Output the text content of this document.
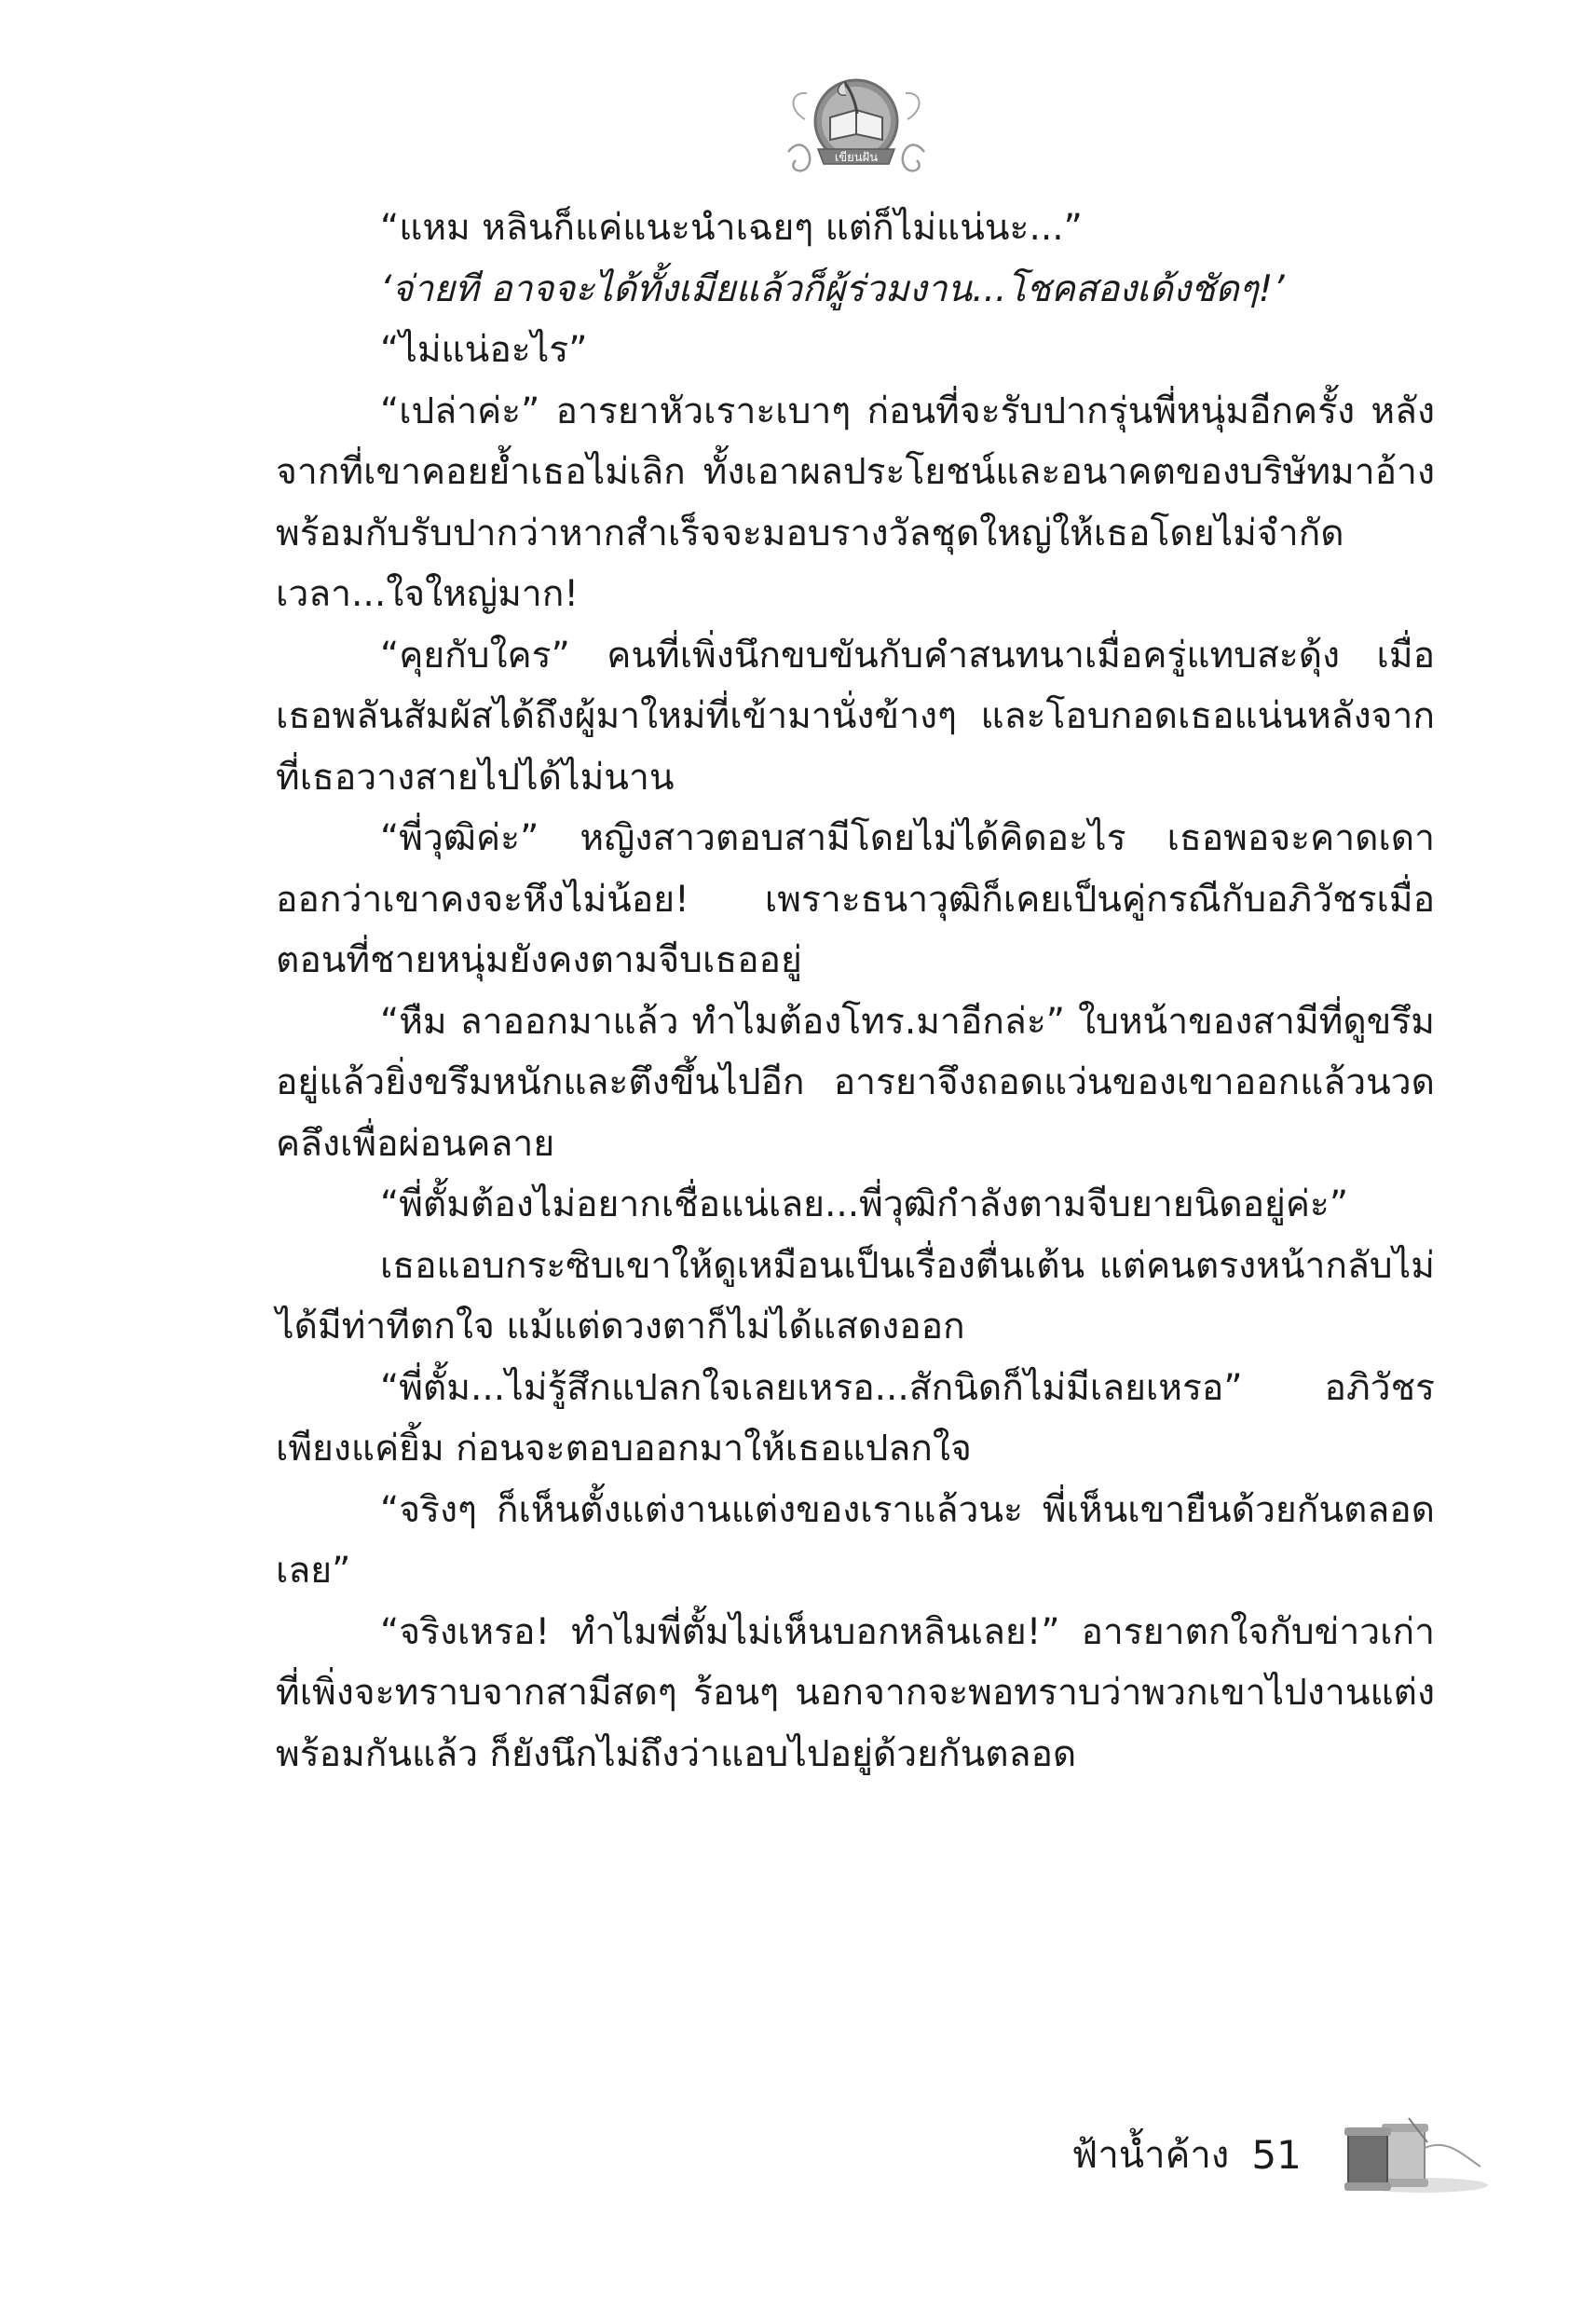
เขียนฝัน

“แหม หลินก็แค่แนะนำเฉยๆ แต่ก็ไม่แน่นะ...”

‘จ่ายที อาจจะได้ทั้งเมียแล้วก็ผู้ร่วมงาน...โชคสองเด้งชัดๆ!’

“ไม่แน่อะไร”

“เปล่าค่ะ” อารยาหัวเราะเบาๆ ก่อนที่จะรับปากรุ่นพี่หนุ่มอีกครั้ง หลังจากที่เขาคอยย้ำเธอไม่เลิก ทั้งเอาผลประโยชน์และอนาคตของบริษัทมาอ้าง พร้อมกับรับปากว่าหากสำเร็จจะมอบรางวัลชุดใหญ่ให้เธอโดยไม่จำกัดเวลา...ใจใหญ่มาก!

“คุยกับใคร” คนที่เพิ่งนึกขบขันกับคำสนทนาเมื่อครู่แทบสะดุ้ง เมื่อเธอพลันสัมผัสได้ถึงผู้มาใหม่ที่เข้ามานั่งข้างๆ และโอบกอดเธอแน่นหลังจากที่เธอวางสายไปได้ไม่นาน

“พี่วุฒิค่ะ” หญิงสาวตอบสามีโดยไม่ได้คิดอะไร เธอพอจะคาดเดาออกว่าเขาคงจะหึงไม่น้อย! เพราะธนาวุฒิก็เคยเป็นคู่กรณีกับอภิวัชรเมื่อตอนที่ชายหนุ่มยังคงตามจีบเธออยู่

“หืม ลาออกมาแล้ว ทำไมต้องโทร.มาอีกล่ะ” ใบหน้าของสามีที่ดูขรึมอยู่แล้วยิ่งขรึมหนักและตึงขึ้นไปอีก อารยาจึงถอดแว่นของเขาออกแล้วนวดคลึงเพื่อผ่อนคลาย

“พี่ตั้มต้องไม่อยากเชื่อแน่เลย...พี่วุฒิกำลังตามจีบยายนิดอยู่ค่ะ”

เธอแอบกระซิบเขาให้ดูเหมือนเป็นเรื่องตื่นเต้น แต่คนตรงหน้ากลับไม่ได้มีท่าทีตกใจ แม้แต่ดวงตาก็ไม่ได้แสดงออก

“พี่ตั้ม...ไม่รู้สึกแปลกใจเลยเหรอ...สักนิดก็ไม่มีเลยเหรอ” อภิวัชรเพียงแค่ยิ้ม ก่อนจะตอบออกมาให้เธอแปลกใจ

“จริงๆ ก็เห็นตั้งแต่งานแต่งของเราแล้วนะ พี่เห็นเขายืนด้วยกันตลอดเลย”

“จริงเหรอ! ทำไมพี่ตั้มไม่เห็นบอกหลินเลย!” อารยาตกใจกับข่าวเก่าที่เพิ่งจะทราบจากสามีสดๆ ร้อนๆ นอกจากจะพอทราบว่าพวกเขาไปงานแต่งพร้อมกันแล้ว ก็ยังนึกไม่ถึงว่าแอบไปอยู่ด้วยกันตลอด

ฟ้าน้ำค้าง 51
